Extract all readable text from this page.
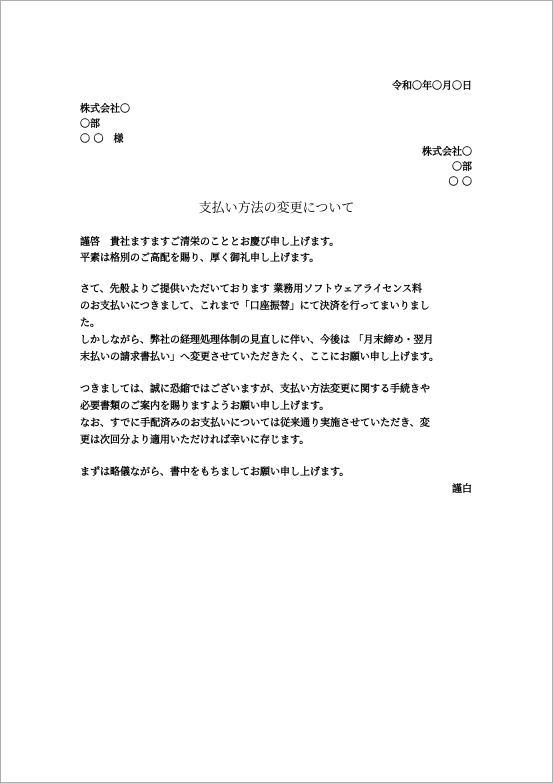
令和〇年〇月〇日
株式会社〇
〇部
〇 〇　様
株式会社〇
〇部
〇 〇
支払い方法の変更について
謹啓　貴社ますますご清栄のこととお慶び申し上げます。
平素は格別のご高配を賜り、厚く御礼申し上げます。
さて、先般よりご提供いただいております 業務用ソフトウェアライセンス料
のお支払いにつきまして、これまで「口座振替」にて決済を行ってまいりまし
た。
しかしながら、弊社の経理処理体制の見直しに伴い、今後は 「月末締め・翌月
末払いの請求書払い」へ変更させていただきたく、ここにお願い申し上げます。
つきましては、誠に恐縮ではございますが、支払い方法変更に関する手続きや
必要書類のご案内を賜りますようお願い申し上げます。
なお、すでに手配済みのお支払いについては従来通り実施させていただき、変
更は次回分より適用いただければ幸いに存じます。
まずは略儀ながら、書中をもちましてお願い申し上げます。
謹白
